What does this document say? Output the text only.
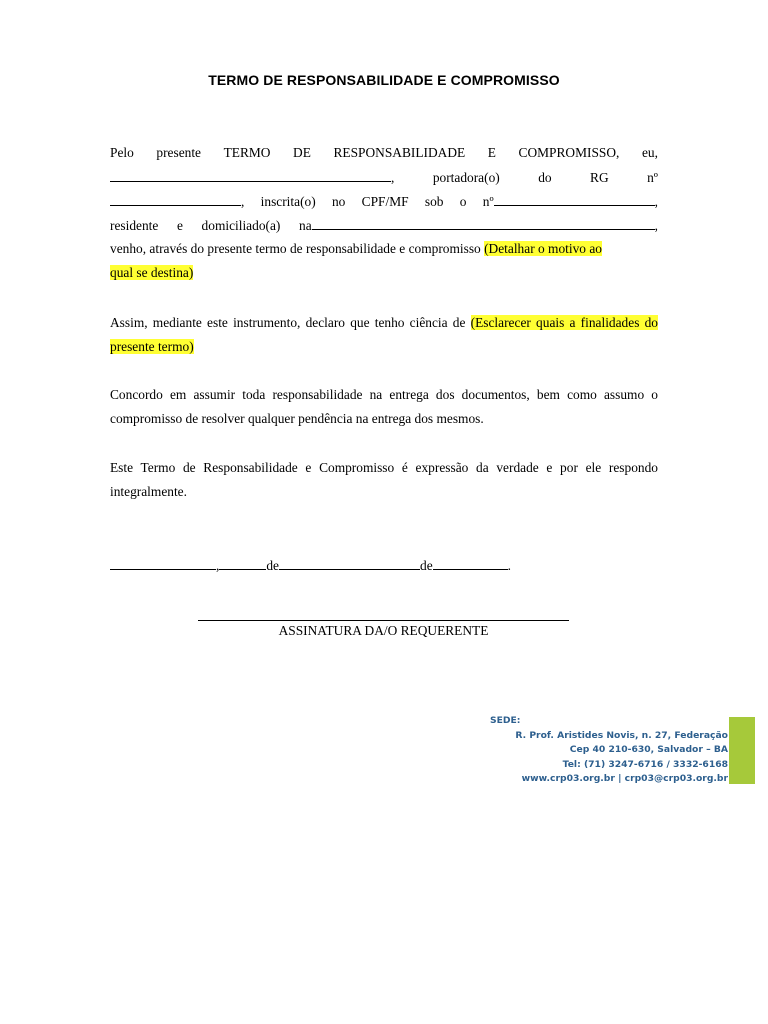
TERMO DE RESPONSABILIDADE E COMPROMISSO
Pelo presente TERMO DE RESPONSABILIDADE E COMPROMISSO, eu,
,	portadora(o)	do	RG	nº
, inscrita(o) no CPF/MF sob o nº	,
residente e domiciliado(a) na	,
venho, através do presente termo de responsabilidade e compromisso (Detalhar o motivo ao
qual se destina)
Assim, mediante este instrumento, declaro que tenho ciência de (Esclarecer quais a finalidades do presente termo)
Concordo em assumir toda responsabilidade na entrega dos documentos, bem como assumo o compromisso de resolver qualquer pendência na entrega dos mesmos.
Este Termo de Responsabilidade e Compromisso é expressão da verdade e por ele respondo integralmente.
,	de	de	.
ASSINATURA DA/O REQUERENTE
SEDE:
R. Prof. Aristides Novis, n. 27, Federação
Cep 40 210-630, Salvador – BA
Tel: (71) 3247-6716 / 3332-6168
www.crp03.org.br | crp03@crp03.org.br
